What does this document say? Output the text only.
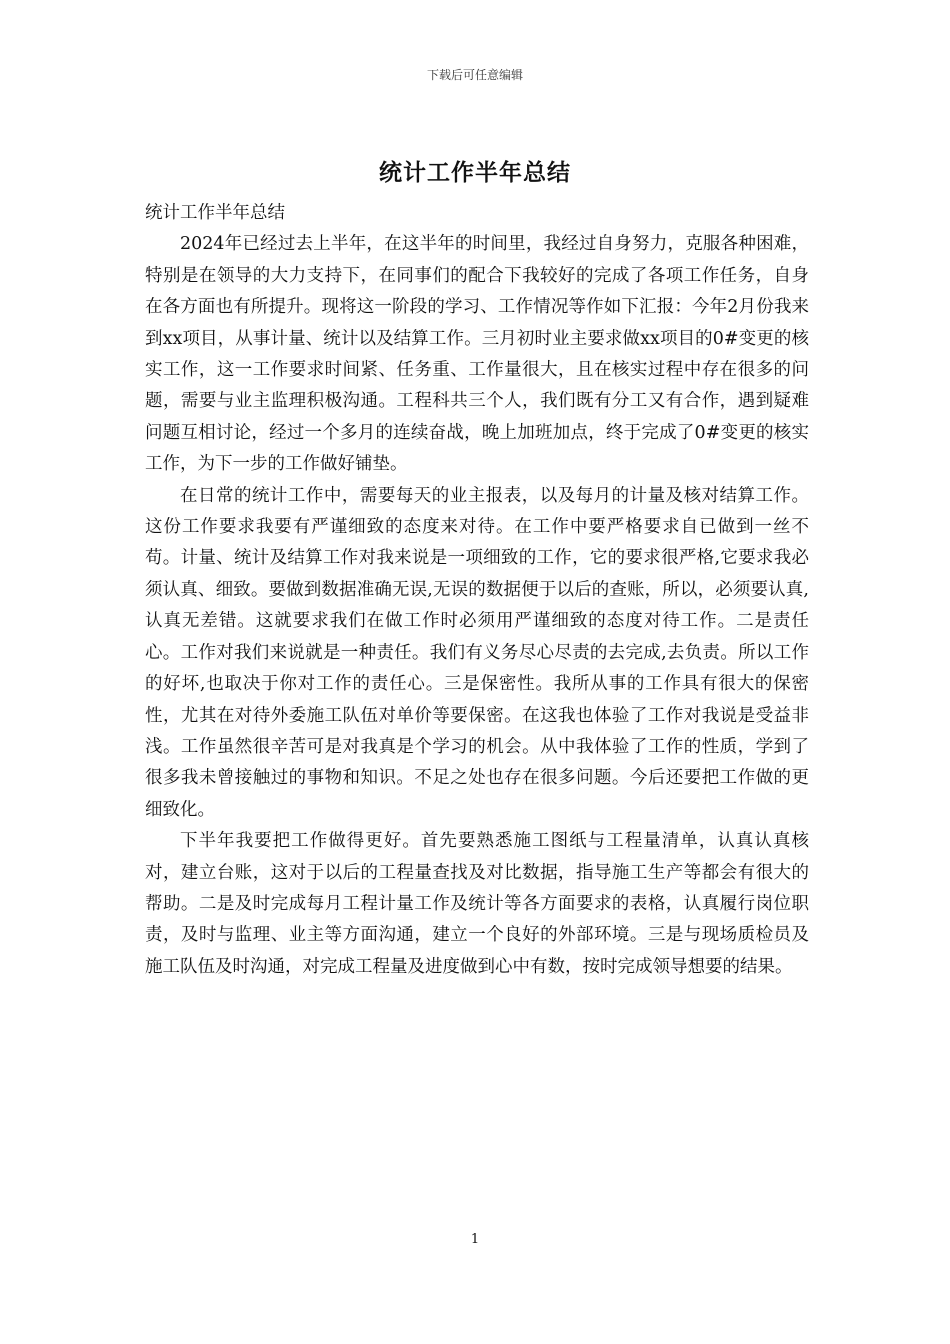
下载后可任意编辑
统计工作半年总结

统计工作半年总结

2024年已经过去上半年，在这半年的时间里，我经过自身努力，克服各种困难，特别是在领导的大力支持下，在同事们的配合下我较好的完成了各项工作任务，自身在各方面也有所提升。现将这一阶段的学习、工作情况等作如下汇报：今年2月份我来到xx项目，从事计量、统计以及结算工作。三月初时业主要求做xx项目的0#变更的核实工作，这一工作要求时间紧、任务重、工作量很大，且在核实过程中存在很多的问题，需要与业主监理积极沟通。工程科共三个人，我们既有分工又有合作，遇到疑难问题互相讨论，经过一个多月的连续奋战，晚上加班加点，终于完成了0#变更的核实工作，为下一步的工作做好铺垫。

在日常的统计工作中，需要每天的业主报表，以及每月的计量及核对结算工作。这份工作要求我要有严谨细致的态度来对待。在工作中要严格要求自已做到一丝不苟。计量、统计及结算工作对我来说是一项细致的工作，它的要求很严格,它要求我必须认真、细致。要做到数据准确无误,无误的数据便于以后的查账，所以，必须要认真,认真无差错。这就要求我们在做工作时必须用严谨细致的态度对待工作。二是责任心。工作对我们来说就是一种责任。我们有义务尽心尽责的去完成,去负责。所以工作的好坏,也取决于你对工作的责任心。三是保密性。我所从事的工作具有很大的保密性，尤其在对待外委施工队伍对单价等要保密。在这我也体验了工作对我说是受益非浅。工作虽然很辛苦可是对我真是个学习的机会。从中我体验了工作的性质，学到了很多我未曾接触过的事物和知识。不足之处也存在很多问题。今后还要把工作做的更细致化。

下半年我要把工作做得更好。首先要熟悉施工图纸与工程量清单，认真认真核对，建立台账，这对于以后的工程量查找及对比数据，指导施工生产等都会有很大的帮助。二是及时完成每月工程计量工作及统计等各方面要求的表格，认真履行岗位职责，及时与监理、业主等方面沟通，建立一个良好的外部环境。三是与现场质检员及施工队伍及时沟通，对完成工程量及进度做到心中有数，按时完成领导想要的结果。

1
